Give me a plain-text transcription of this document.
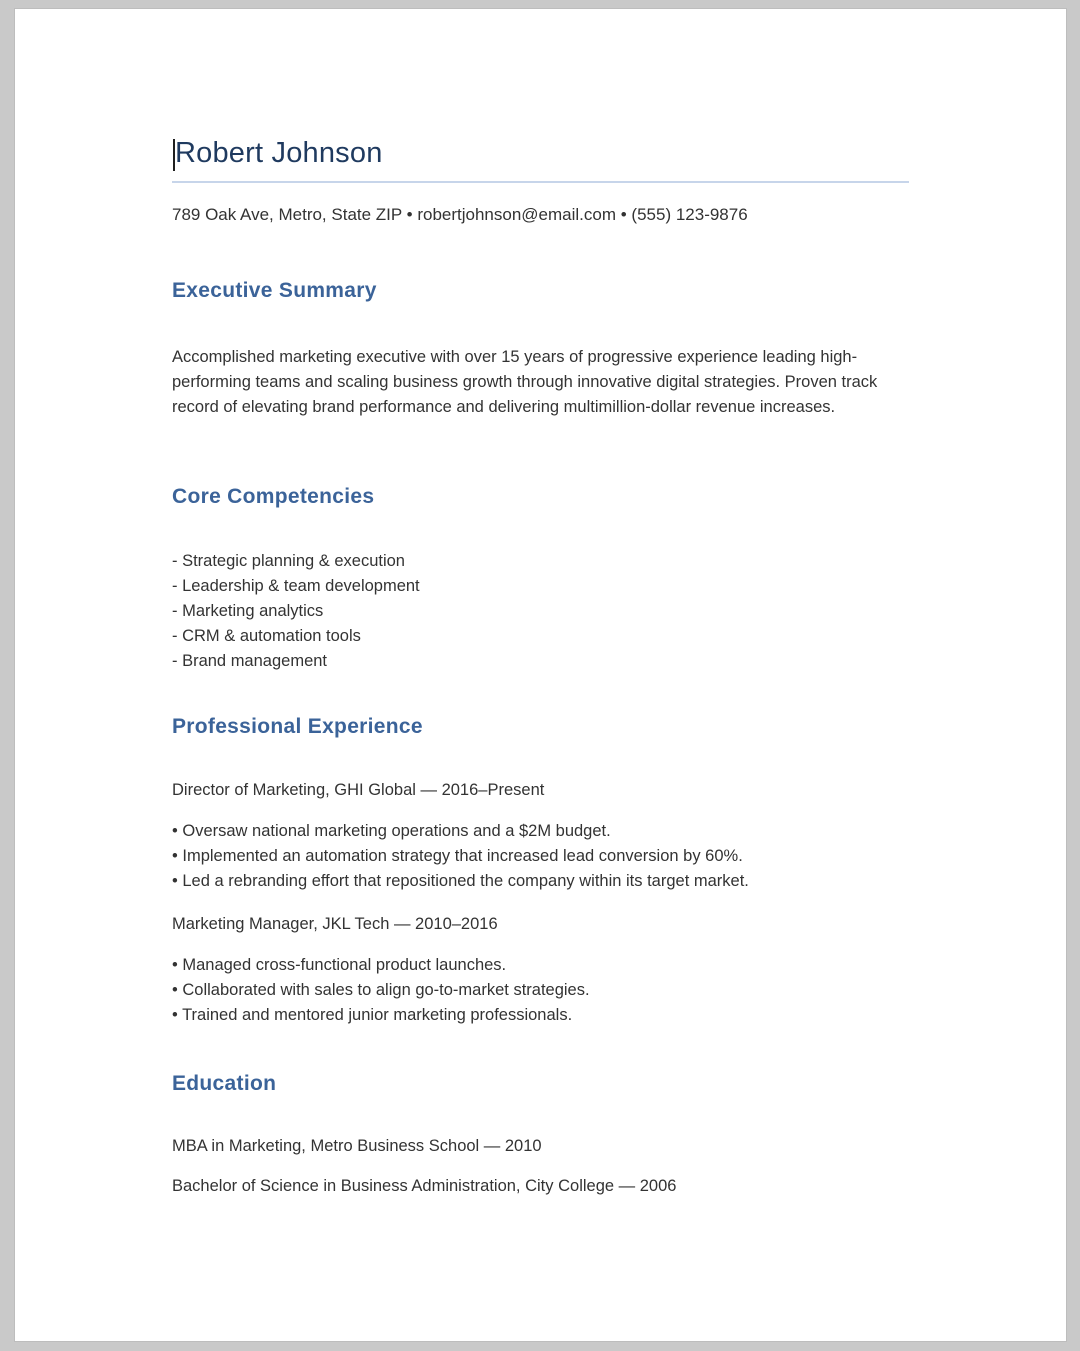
Robert Johnson
789 Oak Ave, Metro, State ZIP • robertjohnson@email.com • (555) 123-9876
Executive Summary

Accomplished marketing executive with over 15 years of progressive experience leading high-performing teams and scaling business growth through innovative digital strategies. Proven track record of elevating brand performance and delivering multimillion-dollar revenue increases.

Core Competencies
- Strategic planning & execution
- Leadership & team development
- Marketing analytics
- CRM & automation tools
- Brand management
Professional Experience
Director of Marketing, GHI Global — 2016–Present
• Oversaw national marketing operations and a $2M budget.
• Implemented an automation strategy that increased lead conversion by 60%.
• Led a rebranding effort that repositioned the company within its target market.
Marketing Manager, JKL Tech — 2010–2016
• Managed cross-functional product launches.
• Collaborated with sales to align go-to-market strategies.
• Trained and mentored junior marketing professionals.
Education
MBA in Marketing, Metro Business School — 2010
Bachelor of Science in Business Administration, City College — 2006
